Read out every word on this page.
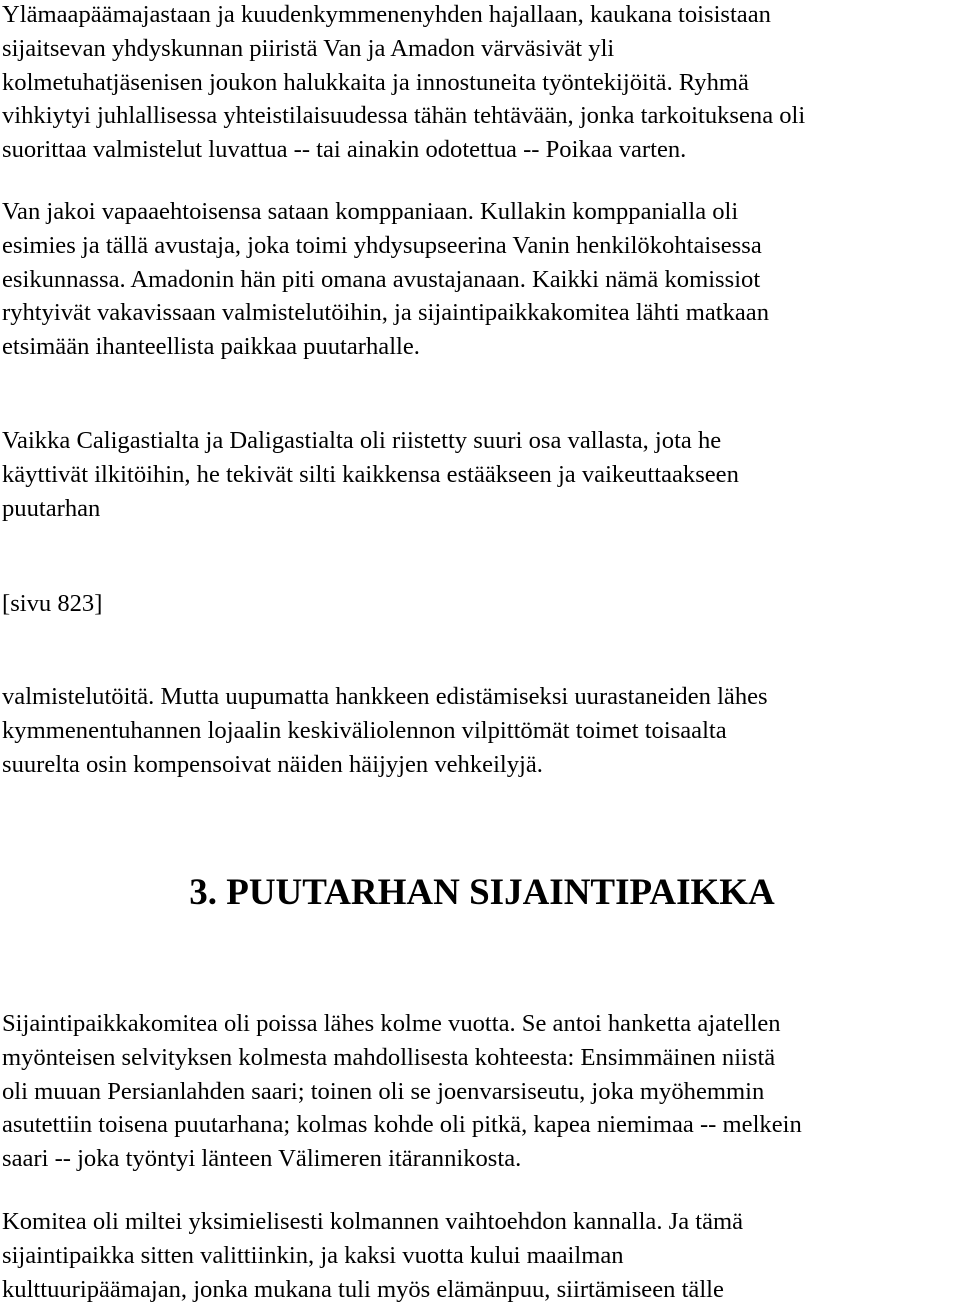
Ylämaapäämajastaan ja kuudenkymmenenyhden hajallaan, kaukana toisistaan
sijaitsevan yhdyskunnan piiristä Van ja Amadon värväsivät yli
kolmetuhatjäsenisen joukon halukkaita ja innostuneita työntekijöitä. Ryhmä
vihkiytyi juhlallisessa yhteistilaisuudessa tähän tehtävään, jonka tarkoituksena oli
suorittaa valmistelut luvattua -- tai ainakin odotettua -- Poikaa varten.

Van jakoi vapaaehtoisensa sataan komppaniaan. Kullakin komppanialla oli
esimies ja tällä avustaja, joka toimi yhdysupseerina Vanin henkilökohtaisessa
esikunnassa. Amadonin hän piti omana avustajanaan. Kaikki nämä komissiot
ryhtyivät vakavissaan valmistelutöihin, ja sijaintipaikkakomitea lähti matkaan
etsimään ihanteellista paikkaa puutarhalle.

Vaikka Caligastialta ja Daligastialta oli riistetty suuri osa vallasta, jota he
käyttivät ilkitöihin, he tekivät silti kaikkensa estääkseen ja vaikeuttaakseen
puutarhan

[sivu 823]

valmistelutöitä. Mutta uupumatta hankkeen edistämiseksi uurastaneiden lähes
kymmenentuhannen lojaalin keskiväliolennon vilpittömät toimet toisaalta
suurelta osin kompensoivat näiden häijyjen vehkeilyjä.

3. PUUTARHAN SIJAINTIPAIKKA

Sijaintipaikkakomitea oli poissa lähes kolme vuotta. Se antoi hanketta ajatellen
myönteisen selvityksen kolmesta mahdollisesta kohteesta: Ensimmäinen niistä
oli muuan Persianlahden saari; toinen oli se joenvarsiseutu, joka myöhemmin
asutettiin toisena puutarhana; kolmas kohde oli pitkä, kapea niemimaa -- melkein
saari -- joka työntyi länteen Välimeren itärannikosta.

Komitea oli miltei yksimielisesti kolmannen vaihtoehdon kannalla. Ja tämä
sijaintipaikka sitten valittiinkin, ja kaksi vuotta kului maailman
kulttuuripäämajan, jonka mukana tuli myös elämänpuu, siirtämiseen tälle
